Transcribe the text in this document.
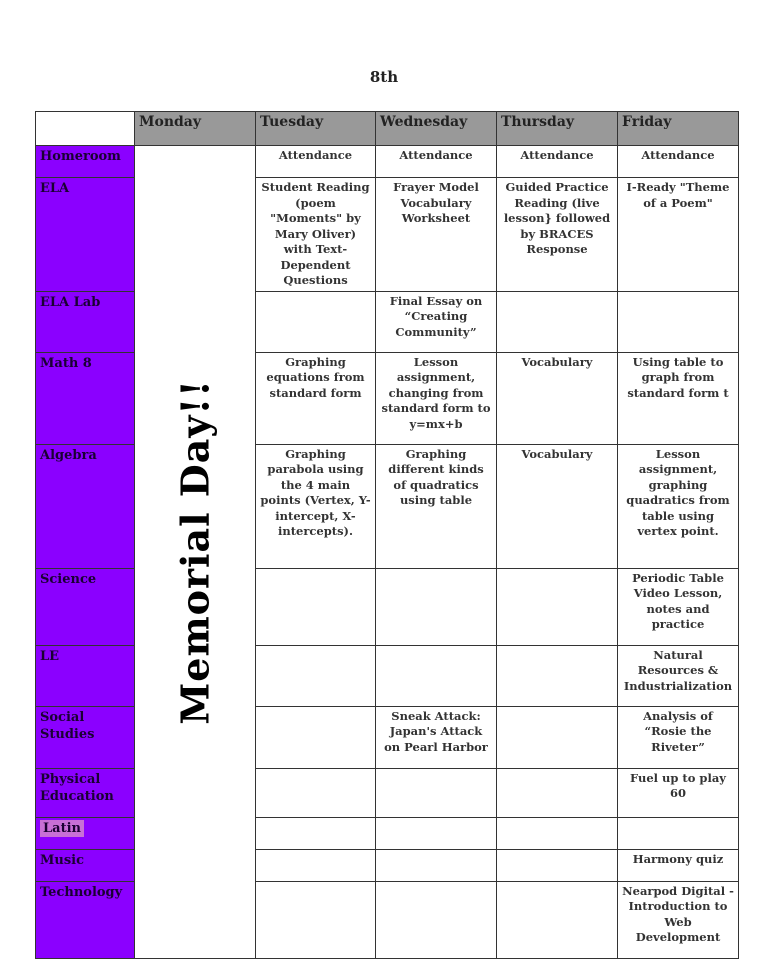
8th
	Monday	Tuesday	Wednesday	Thursday	Friday
Homeroom	Memorial Day!!	Attendance	Attendance	Attendance	Attendance
ELA		Student Reading (poem "Moments" by Mary Oliver) with Text-Dependent Questions	Frayer Model Vocabulary Worksheet	Guided Practice Reading (live lesson} followed by BRACES Response	I-Ready "Theme of a Poem"
ELA Lab			Final Essay on “Creating Community”		
Math 8		Graphing equations from standard form	Lesson assignment, changing from standard form to y=mx+b	Vocabulary	Using table to graph from standard form t
Algebra		Graphing parabola using the 4 main points (Vertex, Y-intercept, X-intercepts).	Graphing different kinds of quadratics using table	Vocabulary	Lesson assignment, graphing quadratics from table using vertex point.
Science					Periodic Table Video Lesson, notes and practice
LE					Natural Resources & Industrialization
Social Studies			Sneak Attack: Japan's Attack on Pearl Harbor		Analysis of “Rosie the Riveter”
Physical Education					Fuel up to play 60
Latin					
Music					Harmony quiz
Technology					Nearpod Digital -Introduction to Web Development
